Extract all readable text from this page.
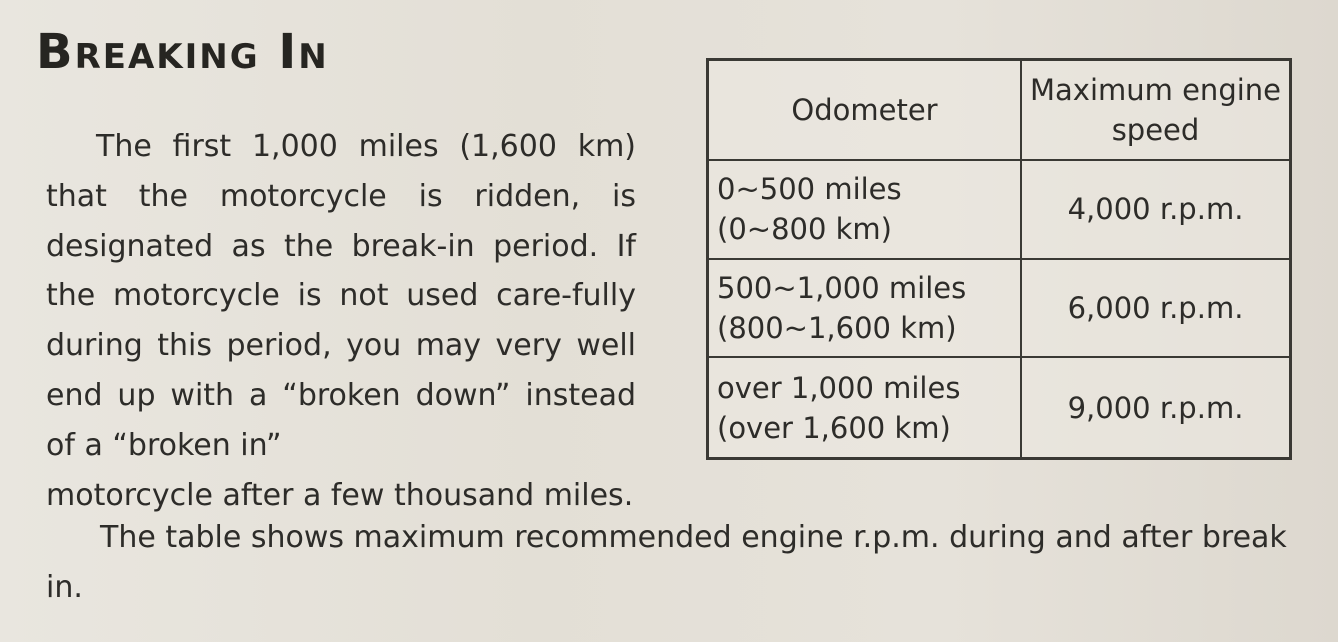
Breaking In

The first 1,000 miles (1,600 km) that the motorcycle is ridden, is designated as the break-in period. If the motorcycle is not used care-fully during this period, you may very well end up with a “broken down” instead of a “broken in”
motorcycle after a few thousand miles.

Odometer
Maximum engine speed
0~500 miles
(0~800 km)
4,000 r.p.m.
500~1,000 miles
(800~1,600 km)
6,000 r.p.m.
over 1,000 miles
(over 1,600 km)
9,000 r.p.m.

The table shows maximum recommended engine r.p.m. during and after break in.
